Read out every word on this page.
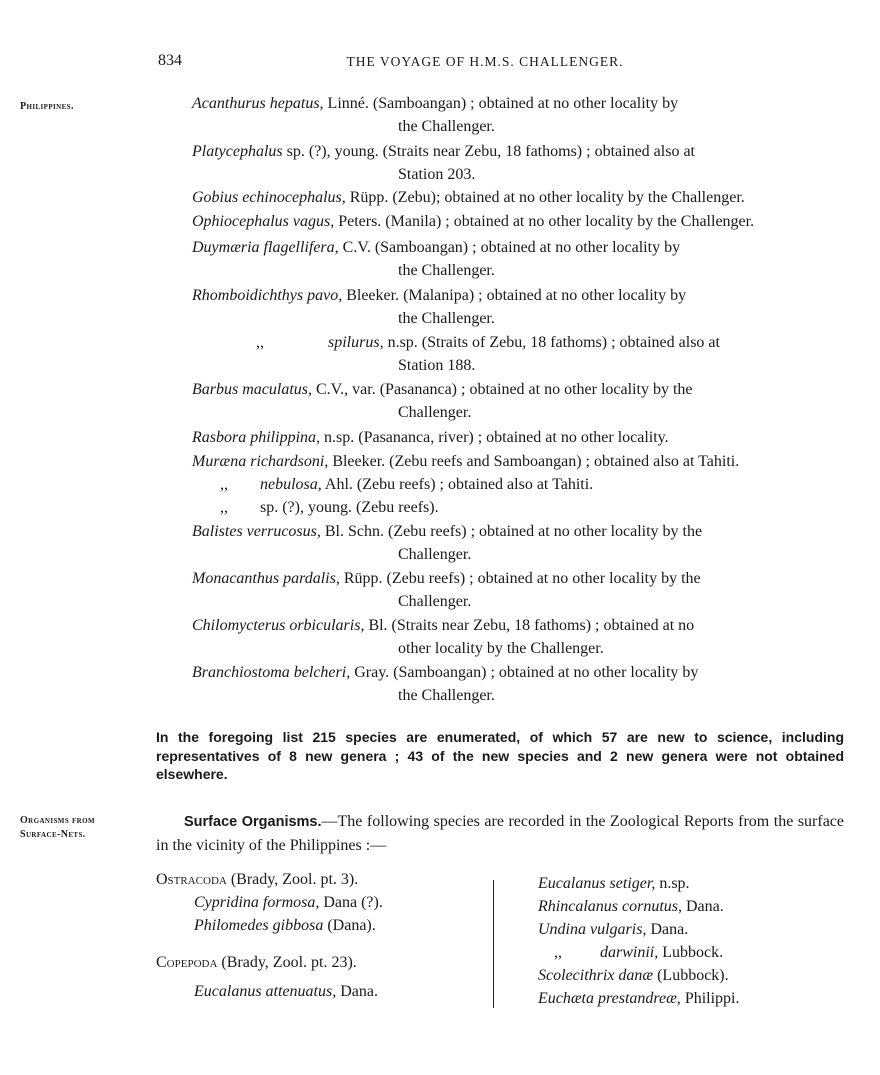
834	THE VOYAGE OF H.M.S. CHALLENGER.
Philippines.	Acanthurus hepatus, Linné. (Samboangan) ; obtained at no other locality by
the Challenger.
Platycephalus sp. (?), young. (Straits near Zebu, 18 fathoms) ; obtained also at
Station 203.
Gobius echinocephalus, Rüpp. (Zebu); obtained at no other locality by the Challenger.
Ophiocephalus vagus, Peters. (Manila) ; obtained at no other locality by the Challenger.
Duymæria flagellifera, C.V. (Samboangan) ; obtained at no other locality by
the Challenger.
Rhomboidichthys pavo, Bleeker. (Malanipa) ; obtained at no other locality by
the Challenger.
,,	spilurus, n.sp. (Straits of Zebu, 18 fathoms) ; obtained also at
Station 188.
Barbus maculatus, C.V., var. (Pasananca) ; obtained at no other locality by the
Challenger.
Rasbora philippina, n.sp. (Pasananca, river) ; obtained at no other locality.
Muræna richardsoni, Bleeker. (Zebu reefs and Samboangan) ; obtained also at Tahiti.
,, nebulosa, Ahl. (Zebu reefs) ; obtained also at Tahiti.
,, sp. (?), young. (Zebu reefs).
Balistes verrucosus, Bl. Schn. (Zebu reefs) ; obtained at no other locality by the
Challenger.
Monacanthus pardalis, Rüpp. (Zebu reefs) ; obtained at no other locality by the
Challenger.
Chilomycterus orbicularis, Bl. (Straits near Zebu, 18 fathoms) ; obtained at no
other locality by the Challenger.
Branchiostoma belcheri, Gray. (Samboangan) ; obtained at no other locality by
the Challenger.
In the foregoing list 215 species are enumerated, of which 57 are new to science, including representatives of 8 new genera ; 43 of the new species and 2 new genera were not obtained elsewhere.
Organisms from
Surface-Nets.
Surface Organisms.—The following species are recorded in the Zoological Reports from the surface in the vicinity of the Philippines :—
Ostracoda (Brady, Zool. pt. 3).
Cypridina formosa, Dana (?).
Philomedes gibbosa (Dana).
Copepoda (Brady, Zool. pt. 23).
Eucalanus attenuatus, Dana.
Eucalanus setiger, n.sp.
Rhincalanus cornutus, Dana.
Undina vulgaris, Dana.
,, darwinii, Lubbock.
Scolecithrix danæ (Lubbock).
Euchæta prestandreæ, Philippi.
